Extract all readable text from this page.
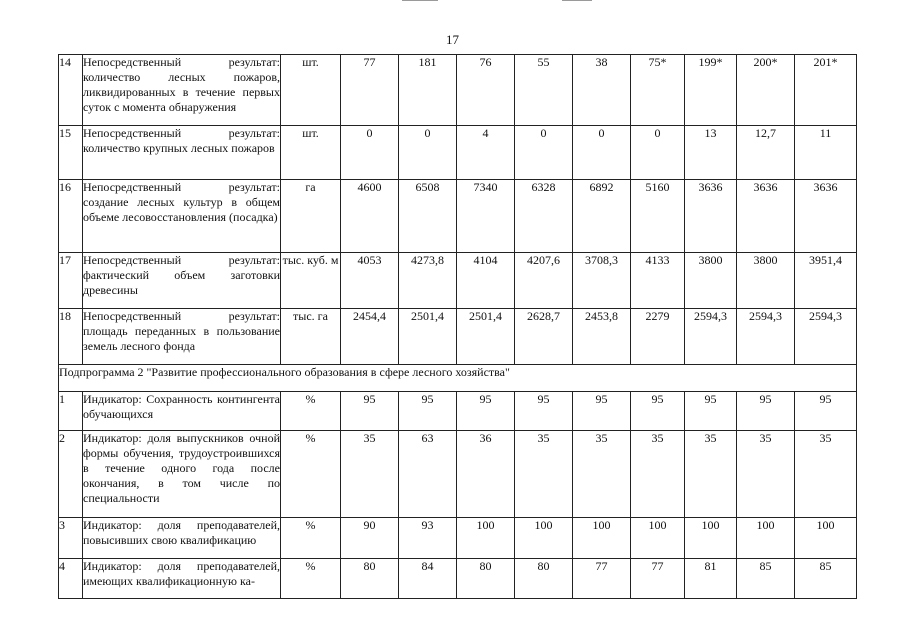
17
14	Непосредственный результат: количество лесных пожаров, ликвидированных в течение первых суток с момента обнаружения	шт.	77	181	76	55	38	75*	199*	200*	201*
15	Непосредственный результат: количество крупных лесных пожаров	шт.	0	0	4	0	0	0	13	12,7	11
16	Непосредственный результат: создание лесных культур в общем объеме лесовосстановления (посадка)	га	4600	6508	7340	6328	6892	5160	3636	3636	3636
17	Непосредственный результат: фактический объем заготовки древесины	тыс. куб. м	4053	4273,8	4104	4207,6	3708,3	4133	3800	3800	3951,4
18	Непосредственный результат: площадь переданных в пользование земель лесного фонда	тыс. га	2454,4	2501,4	2501,4	2628,7	2453,8	2279	2594,3	2594,3	2594,3
Подпрограмма 2 "Развитие профессионального образования в сфере лесного хозяйства"											
1	Индикатор: Сохранность контингента обучающихся	%	95	95	95	95	95	95	95	95	95
2	Индикатор: доля выпускников очной формы обучения, трудоустроившихся в течение одного года после окончания, в том числе по специальности	%	35	63	36	35	35	35	35	35	35
3	Индикатор: доля преподавателей, повысивших свою квалификацию	%	90	93	100	100	100	100	100	100	100
4	Индикатор: доля преподавателей, имеющих квалификационную ка-	%	80	84	80	80	77	77	81	85	85
